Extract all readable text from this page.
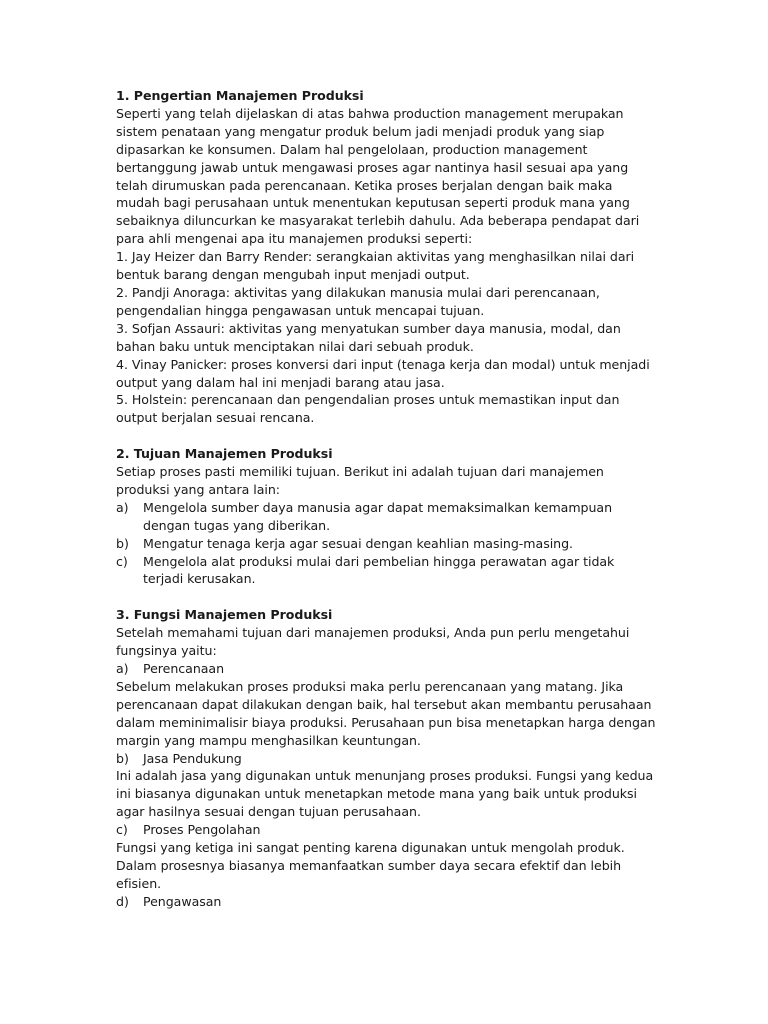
1. Pengertian Manajemen Produksi

Seperti yang telah dijelaskan di atas bahwa production management merupakan sistem penataan yang mengatur produk belum jadi menjadi produk yang siap dipasarkan ke konsumen. Dalam hal pengelolaan, production management bertanggung jawab untuk mengawasi proses agar nantinya hasil sesuai apa yang telah dirumuskan pada perencanaan. Ketika proses berjalan dengan baik maka mudah bagi perusahaan untuk menentukan keputusan seperti produk mana yang sebaiknya diluncurkan ke masyarakat terlebih dahulu. Ada beberapa pendapat dari para ahli mengenai apa itu manajemen produksi seperti:

1. Jay Heizer dan Barry Render: serangkaian aktivitas yang menghasilkan nilai dari bentuk barang dengan mengubah input menjadi output.

2. Pandji Anoraga: aktivitas yang dilakukan manusia mulai dari perencanaan, pengendalian hingga pengawasan untuk mencapai tujuan.

3. Sofjan Assauri: aktivitas yang menyatukan sumber daya manusia, modal, dan bahan baku untuk menciptakan nilai dari sebuah produk.

4. Vinay Panicker: proses konversi dari input (tenaga kerja dan modal) untuk menjadi output yang dalam hal ini menjadi barang atau jasa.

5. Holstein: perencanaan dan pengendalian proses untuk memastikan input dan output berjalan sesuai rencana.

2. Tujuan Manajemen Produksi

Setiap proses pasti memiliki tujuan. Berikut ini adalah tujuan dari manajemen produksi yang antara lain:

a)	Mengelola sumber daya manusia agar dapat memaksimalkan kemampuan dengan tugas yang diberikan.
b)	Mengatur tenaga kerja agar sesuai dengan keahlian masing-masing.
c)	Mengelola alat produksi mulai dari pembelian hingga perawatan agar tidak terjadi kerusakan.

3. Fungsi Manajemen Produksi

Setelah memahami tujuan dari manajemen produksi, Anda pun perlu mengetahui fungsinya yaitu:

a)	Perencanaan

Sebelum melakukan proses produksi maka perlu perencanaan yang matang. Jika perencanaan dapat dilakukan dengan baik, hal tersebut akan membantu perusahaan dalam meminimalisir biaya produksi. Perusahaan pun bisa menetapkan harga dengan margin yang mampu menghasilkan keuntungan.

b)	Jasa Pendukung

Ini adalah jasa yang digunakan untuk menunjang proses produksi. Fungsi yang kedua ini biasanya digunakan untuk menetapkan metode mana yang baik untuk produksi agar hasilnya sesuai dengan tujuan perusahaan.

c)	Proses Pengolahan

Fungsi yang ketiga ini sangat penting karena digunakan untuk mengolah produk. Dalam prosesnya biasanya memanfaatkan sumber daya secara efektif dan lebih efisien.

d)	Pengawasan
